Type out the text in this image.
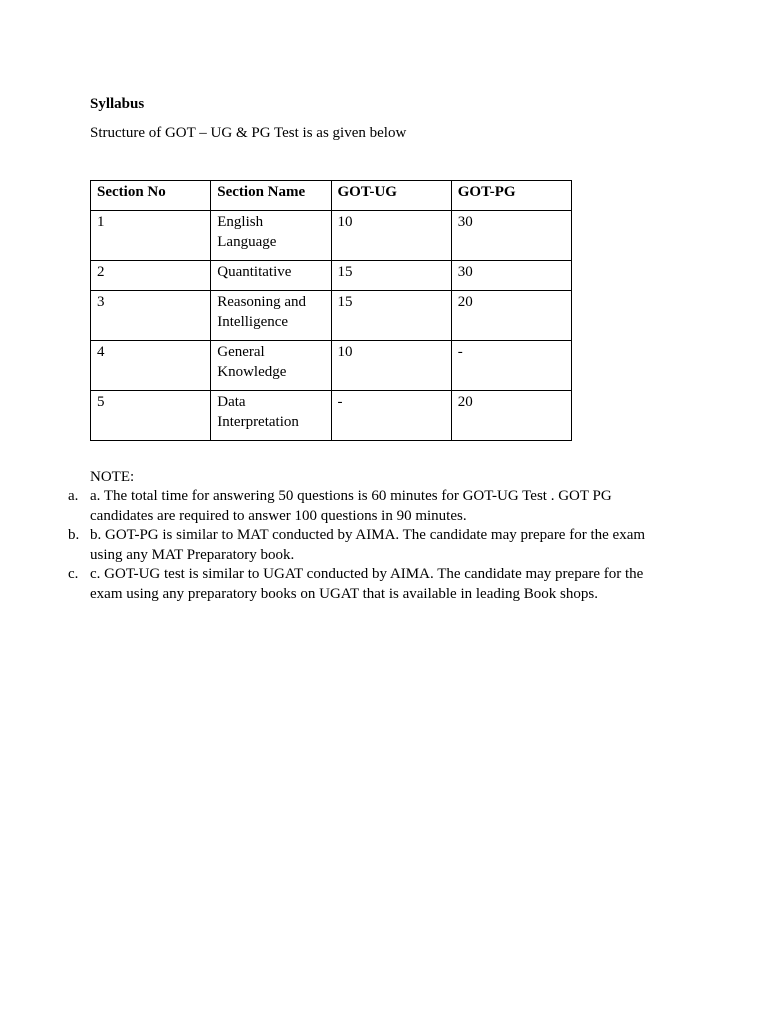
Syllabus
Structure of GOT – UG & PG Test is as given below
Section No	Section Name	GOT-UG	GOT-PG
1	English Language	10	30
2	Quantitative	15	30
3	Reasoning and Intelligence	15	20
4	General Knowledge	10	-
5	Data Interpretation	-	20
NOTE:
a. a. The total time for answering 50 questions is 60 minutes for GOT-UG Test . GOT PG candidates are required to answer 100 questions in 90 minutes.
b. b. GOT-PG is similar to MAT conducted by AIMA. The candidate may prepare for the exam using any MAT Preparatory book.
c. c. GOT-UG test is similar to UGAT conducted by AIMA. The candidate may prepare for the exam using any preparatory books on UGAT that is available in leading Book shops.
